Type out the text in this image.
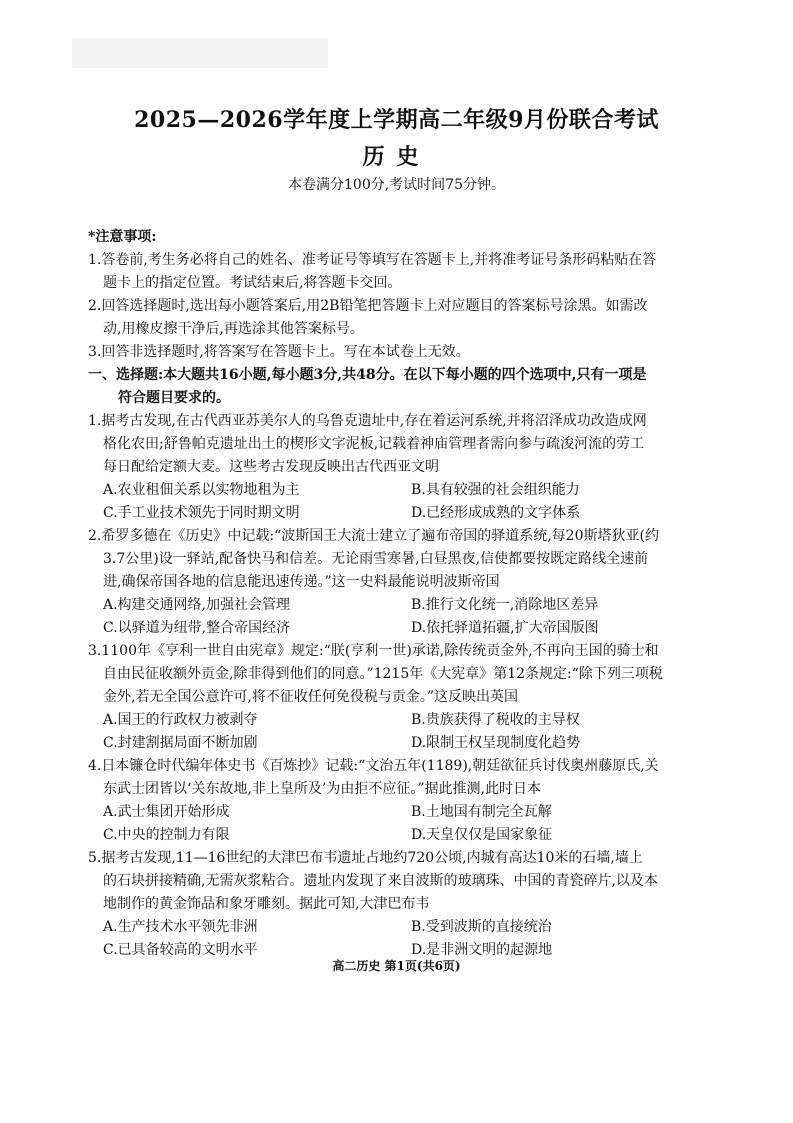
2025—2026学年度上学期高二年级9月份联合考试
历史
本卷满分100分,考试时间75分钟。
*注意事项:
1.答卷前,考生务必将自己的姓名、准考证号等填写在答题卡上,并将准考证号条形码粘贴在答
题卡上的指定位置。考试结束后,将答题卡交回。
2.回答选择题时,选出每小题答案后,用2B铅笔把答题卡上对应题目的答案标号涂黑。如需改
动,用橡皮擦干净后,再选涂其他答案标号。
3.回答非选择题时,将答案写在答题卡上。写在本试卷上无效。
一、选择题:本大题共16小题,每小题3分,共48分。在以下每小题的四个选项中,只有一项是
符合题目要求的。
1.据考古发现,在古代西亚苏美尔人的乌鲁克遗址中,存在着运河系统,并将沼泽成功改造成网
格化农田;舒鲁帕克遗址出土的楔形文字泥板,记载着神庙管理者需向参与疏浚河流的劳工
每日配给定额大麦。这些考古发现反映出古代西亚文明
A.农业租佃关系以实物地租为主	B.具有较强的社会组织能力
C.手工业技术领先于同时期文明	D.已经形成成熟的文字体系
2.希罗多德在《历史》中记载:“波斯国王大流士建立了遍布帝国的驿道系统,每20斯塔狄亚(约
3.7公里)设一驿站,配备快马和信差。无论雨雪寒暑,白昼黑夜,信使都要按既定路线全速前
进,确保帝国各地的信息能迅速传递。”这一史料最能说明波斯帝国
A.构建交通网络,加强社会管理	B.推行文化统一,消除地区差异
C.以驿道为纽带,整合帝国经济	D.依托驿道拓疆,扩大帝国版图
3.1100年《亨利一世自由宪章》规定:“朕(亨利一世)承诺,除传统贡金外,不再向王国的骑士和
自由民征收额外贡金,除非得到他们的同意。”1215年《大宪章》第12条规定:“除下列三项税
金外,若无全国公意许可,将不征收任何免役税与贡金。”这反映出英国
A.国王的行政权力被剥夺	B.贵族获得了税收的主导权
C.封建割据局面不断加剧	D.限制王权呈现制度化趋势
4.日本镰仓时代编年体史书《百炼抄》记载:“文治五年(1189),朝廷欲征兵讨伐奥州藤原氏,关
东武士团皆以‘关东故地,非上皇所及’为由拒不应征。”据此推测,此时日本
A.武士集团开始形成	B.土地国有制完全瓦解
C.中央的控制力有限	D.天皇仅仅是国家象征
5.据考古发现,11—16世纪的大津巴布韦遗址占地约720公顷,内城有高达10米的石墙,墙上
的石块拼接精确,无需灰浆粘合。遗址内发现了来自波斯的玻璃珠、中国的青瓷碎片,以及本
地制作的黄金饰品和象牙雕刻。据此可知,大津巴布韦
A.生产技术水平领先非洲	B.受到波斯的直接统治
C.已具备较高的文明水平	D.是非洲文明的起源地
高二历史 第1页(共6页)
